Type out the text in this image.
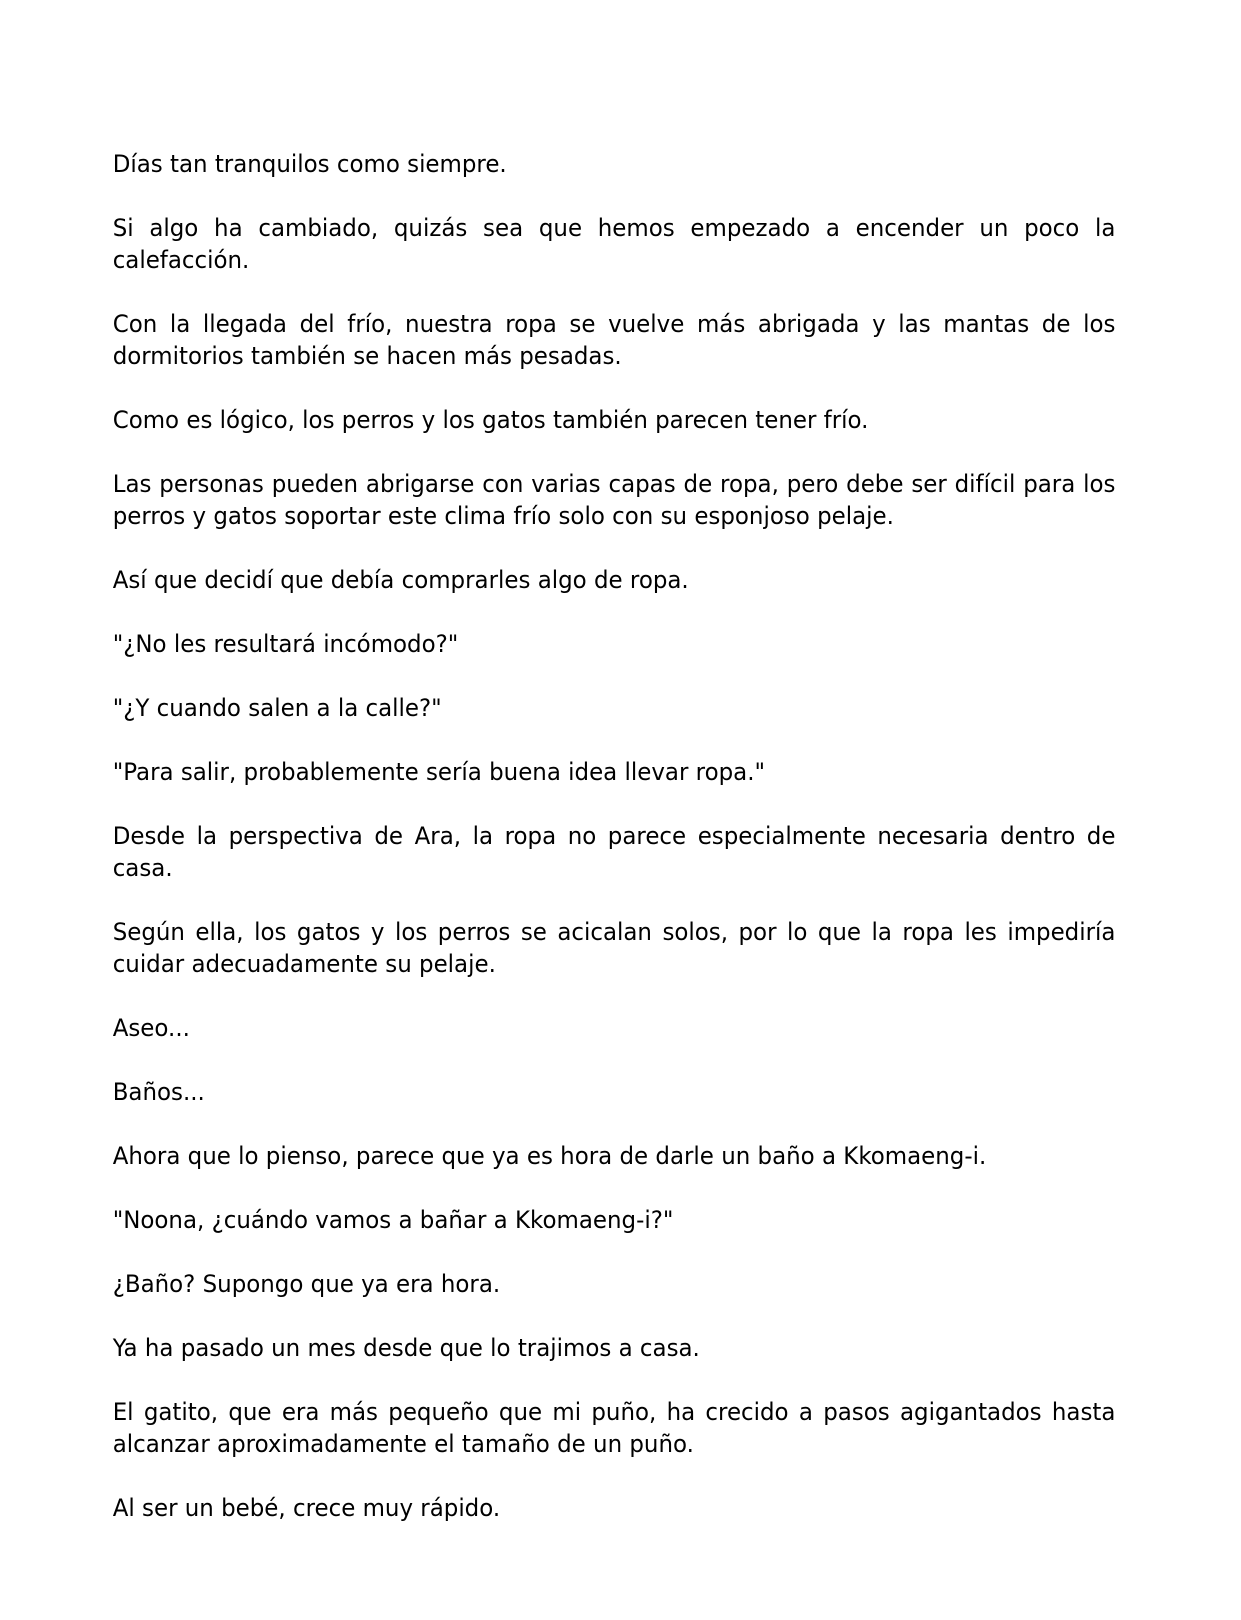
Días tan tranquilos como siempre.

Si algo ha cambiado, quizás sea que hemos empezado a encender un poco la calefacción.

Con la llegada del frío, nuestra ropa se vuelve más abrigada y las mantas de los dormitorios también se hacen más pesadas.

Como es lógico, los perros y los gatos también parecen tener frío.

Las personas pueden abrigarse con varias capas de ropa, pero debe ser difícil para los perros y gatos soportar este clima frío solo con su esponjoso pelaje.

Así que decidí que debía comprarles algo de ropa.

"¿No les resultará incómodo?"

"¿Y cuando salen a la calle?"

"Para salir, probablemente sería buena idea llevar ropa."

Desde la perspectiva de Ara, la ropa no parece especialmente necesaria dentro de casa.

Según ella, los gatos y los perros se acicalan solos, por lo que la ropa les impediría cuidar adecuadamente su pelaje.

Aseo...

Baños...

Ahora que lo pienso, parece que ya es hora de darle un baño a Kkomaeng-i.

"Noona, ¿cuándo vamos a bañar a Kkomaeng-i?"

¿Baño? Supongo que ya era hora.

Ya ha pasado un mes desde que lo trajimos a casa.

El gatito, que era más pequeño que mi puño, ha crecido a pasos agigantados hasta alcanzar aproximadamente el tamaño de un puño.

Al ser un bebé, crece muy rápido.
